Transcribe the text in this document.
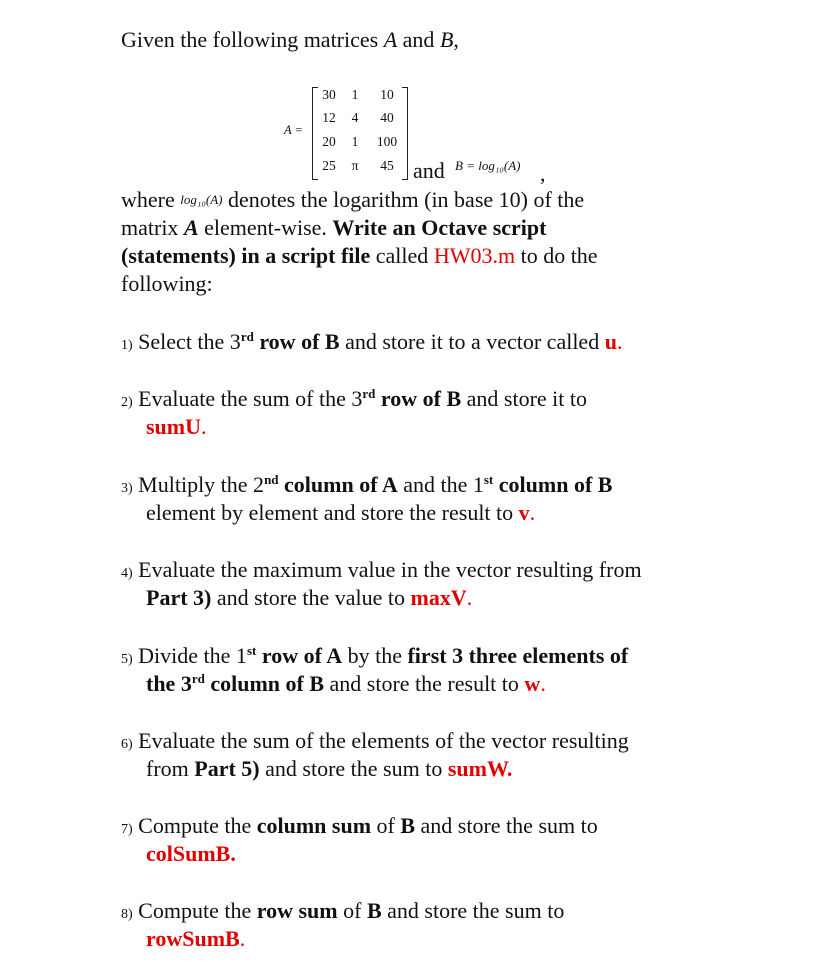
Given the following matrices A and B,
A =
30	1	10
12	4	40
20	1	100
25	π	45 and B = log₁₀(A) ,
where log₁₀(A) denotes the logarithm (in base 10) of the
matrix A element-wise. Write an Octave script
(statements) in a script file called HW03.m to do the
following:
1) Select the 3rd row of B and store it to a vector called u.
2) Evaluate the sum of the 3rd row of B and store it to
sumU.
3) Multiply the 2nd column of A and the 1st column of B
element by element and store the result to v.
4) Evaluate the maximum value in the vector resulting from
Part 3) and store the value to maxV.
5) Divide the 1st row of A by the first 3 three elements of
the 3rd column of B and store the result to w.
6) Evaluate the sum of the elements of the vector resulting
from Part 5) and store the sum to sumW.
7) Compute the column sum of B and store the sum to
colSumB.
8) Compute the row sum of B and store the sum to
rowSumB.
